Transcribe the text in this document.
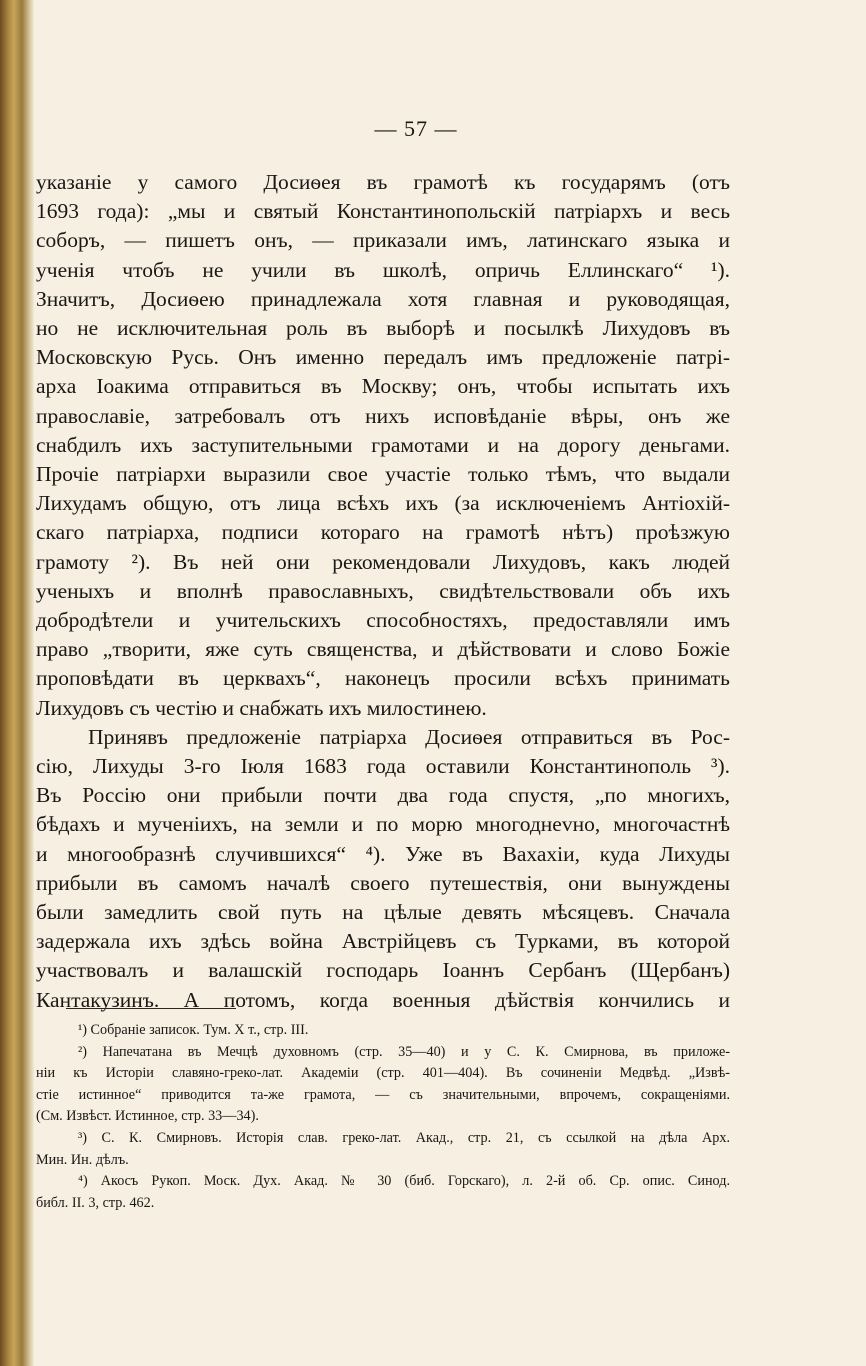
— 57 —
указаніе у самого Досиѳея въ грамотѣ къ государямъ (отъ
1693 года): „мы и святый Константинопольскій патріархъ и весь
соборъ, — пишетъ онъ, — приказали имъ, латинскаго языка и
ученія чтобъ не учили въ школѣ, опричь Еллинскаго“ ¹).
Значитъ, Досиѳею принадлежала хотя главная и руководящая,
но не исключительная роль въ выборѣ и посылкѣ Лихудовъ въ
Московскую Русь. Онъ именно передалъ имъ предложеніе патрі-
арха Іоакима отправиться въ Москву; онъ, чтобы испытать ихъ
православіе, затребовалъ отъ нихъ исповѣданіе вѣры, онъ же
снабдилъ ихъ заступительными грамотами и на дорогу деньгами.
Прочіе патріархи выразили свое участіе только тѣмъ, что выдали
Лихудамъ общую, отъ лица всѣхъ ихъ (за исключеніемъ Антіохій-
скаго патріарха, подписи котораго на грамотѣ нѣтъ) проѣзжую
грамоту ²). Въ ней они рекомендовали Лихудовъ, какъ людей
ученыхъ и вполнѣ православныхъ, свидѣтельствовали объ ихъ
добродѣтели и учительскихъ способностяхъ, предоставляли имъ
право „творити, яже суть священства, и дѣйствовати и слово Божіе
проповѣдати въ церквахъ“, наконецъ просили всѣхъ принимать
Лихудовъ съ честію и снабжать ихъ милостинею.
Принявъ предложеніе патріарха Досиѳея отправиться въ Рос-
сію, Лихуды 3-го Іюля 1683 года оставили Константинополь ³).
Въ Россію они прибыли почти два года спустя, „по многихъ,
бѣдахъ и мученіихъ, на земли и по морю многоднevно, многочастнѣ
и многообразнѣ случившихся“ ⁴). Уже въ Вахахіи, куда Лихуды
прибыли въ самомъ началѣ своего путешествія, они вынуждены
были замедлить свой путь на цѣлые девять мѣсяцевъ. Сначала
задержала ихъ здѣсь война Австрійцевъ съ Турками, въ которой
участвовалъ и валашскій господарь Іоаннъ Сербанъ (Щербанъ)
Кантакузинъ. А потомъ, когда военныя дѣйствія кончились и
¹) Собраніе записок. Тум. X т., стр. III.
²) Напечатана въ Мечцѣ духовномъ (стр. 35—40) и у С. К. Смирнова, въ приложе-
ніи къ Исторіи славяно-греко-лат. Академіи (стр. 401—404). Въ сочиненіи Медвѣд. „Извѣ-
стіе истинное“ приводится та-же грамота, — съ значительными, впрочемъ, сокращеніями.
(См. Извѣст. Истинное, стр. 33—34).
³) С. К. Смирновъ. Исторія слав. греко-лат. Акад., стр. 21, съ ссылкой на дѣла Арх.
Мин. Ин. дѣлъ.
⁴) Акосъ Рукоп. Моск. Дух. Акад. № 30 (биб. Горскаго), л. 2-й об. Ср. опис. Синод.
библ. II. 3, стр. 462.
